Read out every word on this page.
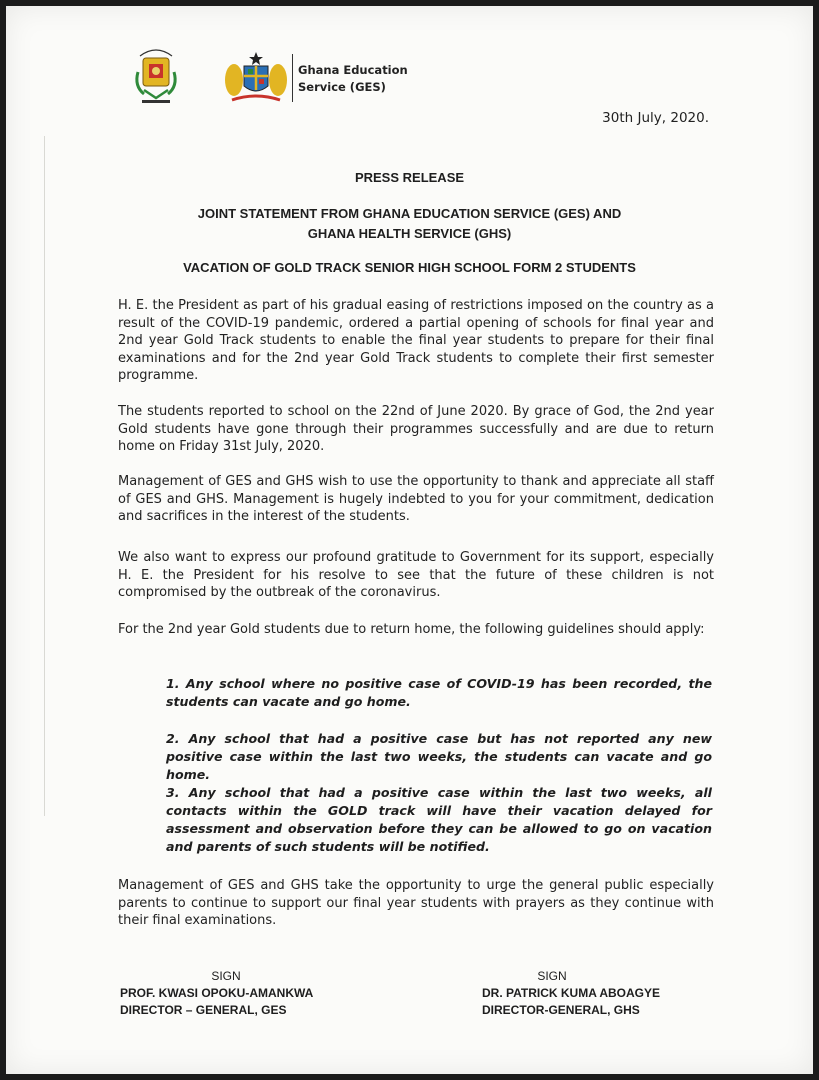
Ghana Education
Service (GES)
30th July, 2020.
PRESS RELEASE
JOINT STATEMENT FROM GHANA EDUCATION SERVICE (GES) AND
GHANA HEALTH SERVICE (GHS)
VACATION OF GOLD TRACK SENIOR HIGH SCHOOL FORM 2 STUDENTS

H. E. the President as part of his gradual easing of restrictions imposed on the country as a result of the COVID-19 pandemic, ordered a partial opening of schools for final year and 2nd year Gold Track students to enable the final year students to prepare for their final examinations and for the 2nd year Gold Track students to complete their first semester programme.

The students reported to school on the 22nd of June 2020. By grace of God, the 2nd year Gold students have gone through their programmes successfully and are due to return home on Friday 31st July, 2020.

Management of GES and GHS wish to use the opportunity to thank and appreciate all staff of GES and GHS. Management is hugely indebted to you for your commitment, dedication and sacrifices in the interest of the students.

We also want to express our profound gratitude to Government for its support, especially H. E. the President for his resolve to see that the future of these children is not compromised by the outbreak of the coronavirus.

For the 2nd year Gold students due to return home, the following guidelines should apply:

1. Any school where no positive case of COVID-19 has been recorded, the students can vacate and go home.

2. Any school that had a positive case but has not reported any new positive case within the last two weeks, the students can vacate and go home.

3. Any school that had a positive case within the last two weeks, all contacts within the GOLD track will have their vacation delayed for assessment and observation before they can be allowed to go on vacation and parents of such students will be notified.

Management of GES and GHS take the opportunity to urge the general public especially parents to continue to support our final year students with prayers as they continue with their final examinations.

SIGN
PROF. KWASI OPOKU-AMANKWA
DIRECTOR – GENERAL, GES
SIGN
DR. PATRICK KUMA ABOAGYE
DIRECTOR-GENERAL, GHS
